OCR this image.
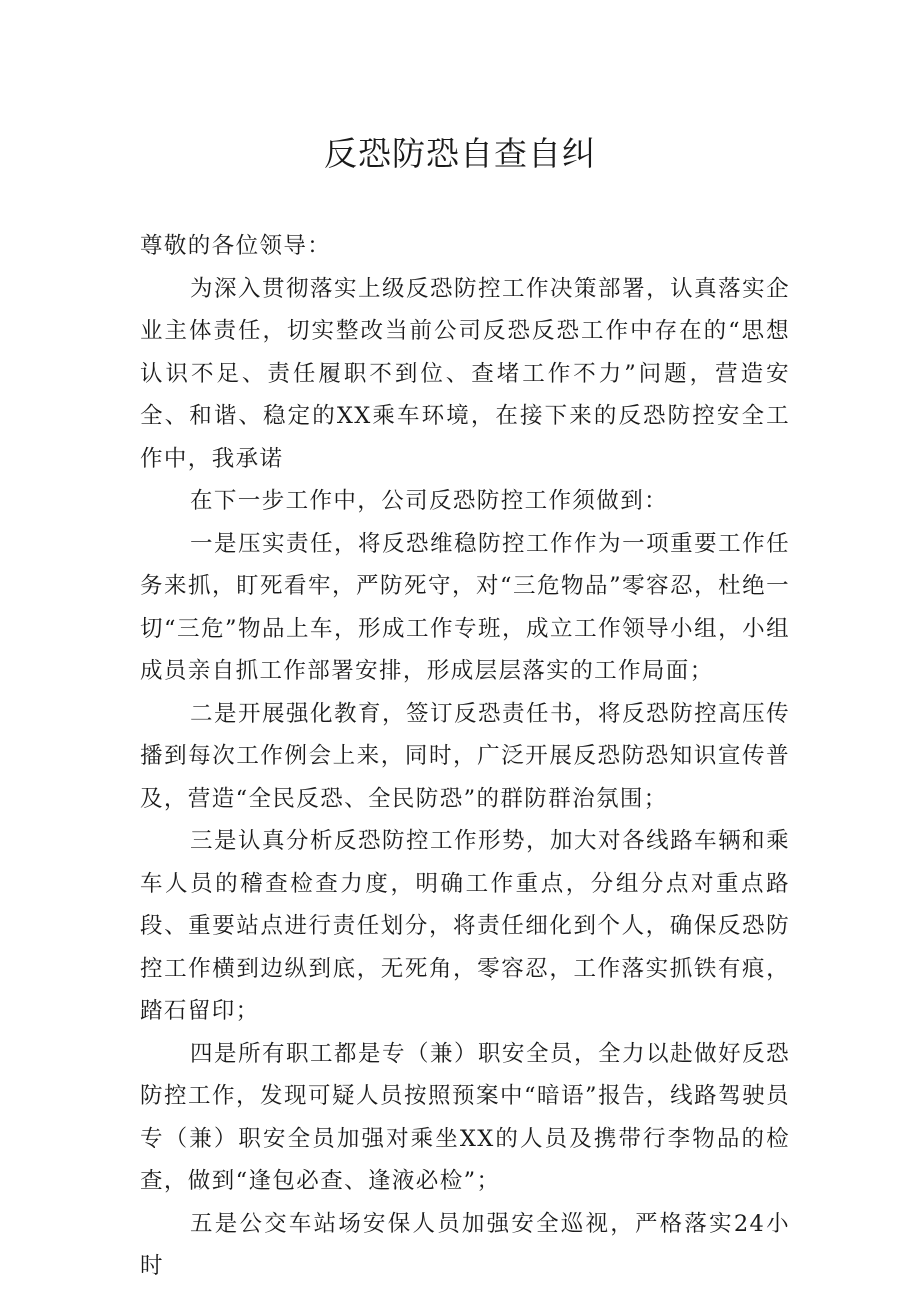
反恐防恐自查自纠

尊敬的各位领导：

为深入贯彻落实上级反恐防控工作决策部署，认真落实企业主体责任，切实整改当前公司反恐反恐工作中存在的“思想认识不足、责任履职不到位、查堵工作不力”问题，营造安全、和谐、稳定的XX乘车环境，在接下来的反恐防控安全工作中，我承诺

在下一步工作中，公司反恐防控工作须做到：

一是压实责任，将反恐维稳防控工作作为一项重要工作任务来抓，盯死看牢，严防死守，对“三危物品”零容忍，杜绝一切“三危”物品上车，形成工作专班，成立工作领导小组，小组成员亲自抓工作部署安排，形成层层落实的工作局面；

二是开展强化教育，签订反恐责任书，将反恐防控高压传播到每次工作例会上来，同时，广泛开展反恐防恐知识宣传普及，营造“全民反恐、全民防恐”的群防群治氛围；

三是认真分析反恐防控工作形势，加大对各线路车辆和乘车人员的稽查检查力度，明确工作重点，分组分点对重点路段、重要站点进行责任划分，将责任细化到个人，确保反恐防控工作横到边纵到底，无死角，零容忍，工作落实抓铁有痕，踏石留印；

四是所有职工都是专（兼）职安全员，全力以赴做好反恐防控工作，发现可疑人员按照预案中“暗语”报告，线路驾驶员专（兼）职安全员加强对乘坐XX的人员及携带行李物品的检查，做到“逢包必查、逢液必检”；

五是公交车站场安保人员加强安全巡视，严格落实24小时
